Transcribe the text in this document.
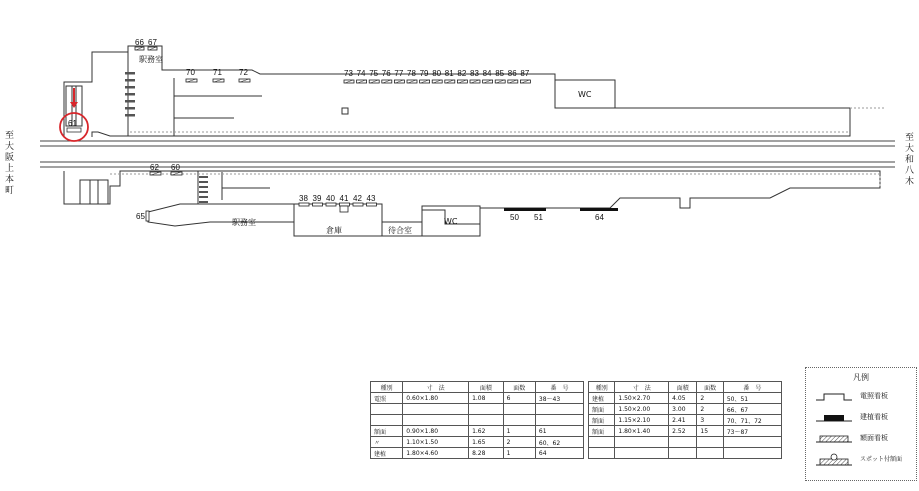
至大阪上本町
至大和八木
66 67
70 71 72	73 74 75 76 77 78 79 80 81 82 83 84 85 86 87
61
62 60
38 39 40 41 42 43
50 51	64
65
駅務室
WC
駅務室
倉庫	待合室
WC
種別	寸　法	面積	面数	番　号
電照	0.60×1.80	1.08	6	38〜43

額面	0.90×1.80	1.62	1	61
〃	1.10×1.50	1.65	2	60、62
建植	1.80×4.60	8.28	1	64
種別	寸　法	面積	面数	番　号
建植	1.50×2.70	4.05	2	50、51
額面	1.50×2.00	3.00	2	66、67
額面	1.15×2.10	2.41	3	70、71、72
額面	1.80×1.40	2.52	15	73〜87

凡例
電照看板
建植看板
額面看板
スポット付額面
